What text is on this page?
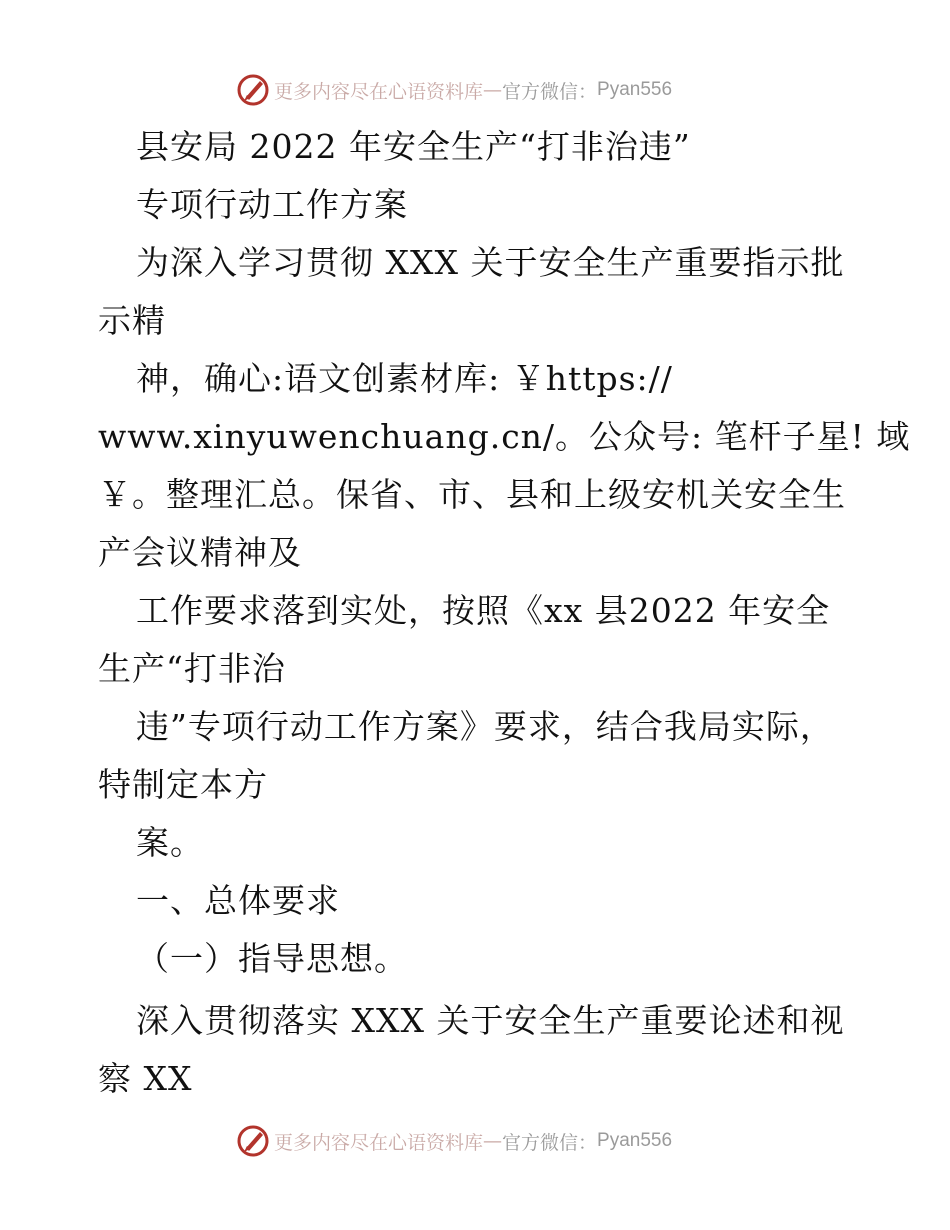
更多内容尽在心语资料库 — 官方微信： Pyan556
县安局 2022 年安全生产“打非治违”
专项行动工作方案
为深入学习贯彻 XXX 关于安全生产重要指示批
示精
神，确心:语文创素材库: ￥https://
www.xinyuwenchuang.cn/。公众号: 笔杆子星! 域
￥。整理汇总。保省、市、县和上级安机关安全生
产会议精神及
工作要求落到实处，按照《xx 县2022 年安全
生产“打非治
违”专项行动工作方案》要求，结合我局实际，
特制定本方
案。
一、总体要求
（一）指导思想。
深入贯彻落实 XXX 关于安全生产重要论述和视
察 XX
更多内容尽在心语资料库 — 官方微信： Pyan556
